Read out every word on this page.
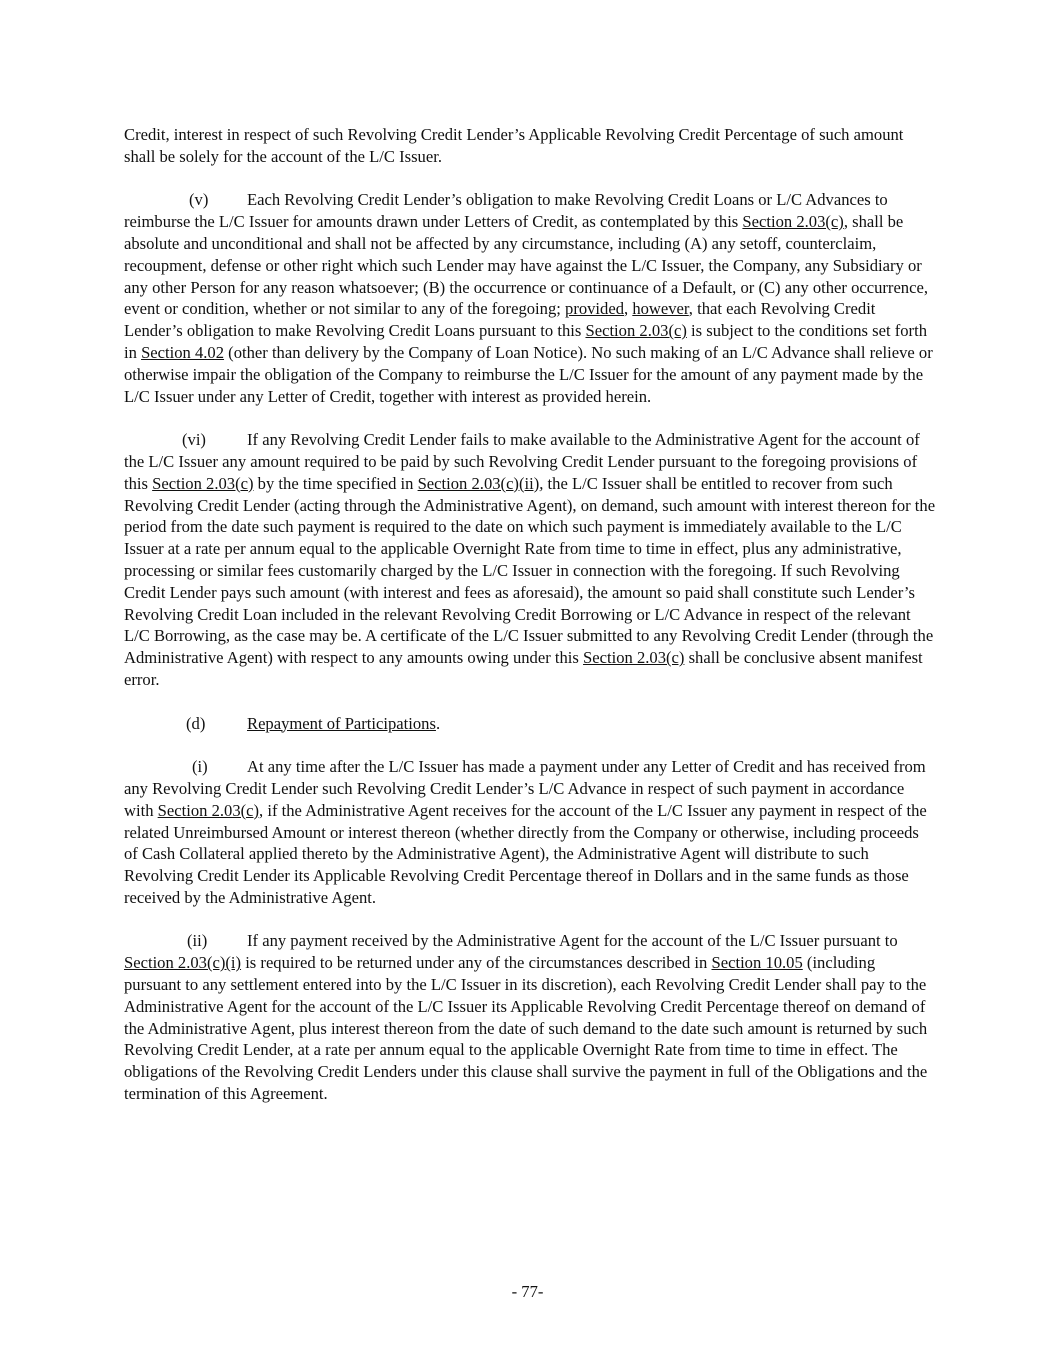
Credit, interest in respect of such Revolving Credit Lender’s Applicable Revolving Credit Percentage of such amount shall be solely for the account of the L/C Issuer.

(v) Each Revolving Credit Lender’s obligation to make Revolving Credit Loans or L/C Advances to reimburse the L/C Issuer for amounts drawn under Letters of Credit, as contemplated by this Section 2.03(c), shall be absolute and unconditional and shall not be affected by any circumstance, including (A) any setoff, counterclaim, recoupment, defense or other right which such Lender may have against the L/C Issuer, the Company, any Subsidiary or any other Person for any reason whatsoever; (B) the occurrence or continuance of a Default, or (C) any other occurrence, event or condition, whether or not similar to any of the foregoing; provided, however, that each Revolving Credit Lender’s obligation to make Revolving Credit Loans pursuant to this Section 2.03(c) is subject to the conditions set forth in Section 4.02 (other than delivery by the Company of Loan Notice). No such making of an L/C Advance shall relieve or otherwise impair the obligation of the Company to reimburse the L/C Issuer for the amount of any payment made by the L/C Issuer under any Letter of Credit, together with interest as provided herein.

(vi) If any Revolving Credit Lender fails to make available to the Administrative Agent for the account of the L/C Issuer any amount required to be paid by such Revolving Credit Lender pursuant to the foregoing provisions of this Section 2.03(c) by the time specified in Section 2.03(c)(ii), the L/C Issuer shall be entitled to recover from such Revolving Credit Lender (acting through the Administrative Agent), on demand, such amount with interest thereon for the period from the date such payment is required to the date on which such payment is immediately available to the L/C Issuer at a rate per annum equal to the applicable Overnight Rate from time to time in effect, plus any administrative, processing or similar fees customarily charged by the L/C Issuer in connection with the foregoing. If such Revolving Credit Lender pays such amount (with interest and fees as aforesaid), the amount so paid shall constitute such Lender’s Revolving Credit Loan included in the relevant Revolving Credit Borrowing or L/C Advance in respect of the relevant L/C Borrowing, as the case may be. A certificate of the L/C Issuer submitted to any Revolving Credit Lender (through the Administrative Agent) with respect to any amounts owing under this Section 2.03(c) shall be conclusive absent manifest error.

(d)	Repayment of Participations.

(i) At any time after the L/C Issuer has made a payment under any Letter of Credit and has received from any Revolving Credit Lender such Revolving Credit Lender’s L/C Advance in respect of such payment in accordance with Section 2.03(c), if the Administrative Agent receives for the account of the L/C Issuer any payment in respect of the related Unreimbursed Amount or interest thereon (whether directly from the Company or otherwise, including proceeds of Cash Collateral applied thereto by the Administrative Agent), the Administrative Agent will distribute to such Revolving Credit Lender its Applicable Revolving Credit Percentage thereof in Dollars and in the same funds as those received by the Administrative Agent.

(ii) If any payment received by the Administrative Agent for the account of the L/C Issuer pursuant to Section 2.03(c)(i) is required to be returned under any of the circumstances described in Section 10.05 (including pursuant to any settlement entered into by the L/C Issuer in its discretion), each Revolving Credit Lender shall pay to the Administrative Agent for the account of the L/C Issuer its Applicable Revolving Credit Percentage thereof on demand of the Administrative Agent, plus interest thereon from the date of such demand to the date such amount is returned by such Revolving Credit Lender, at a rate per annum equal to the applicable Overnight Rate from time to time in effect. The obligations of the Revolving Credit Lenders under this clause shall survive the payment in full of the Obligations and the termination of this Agreement.

- 77-
